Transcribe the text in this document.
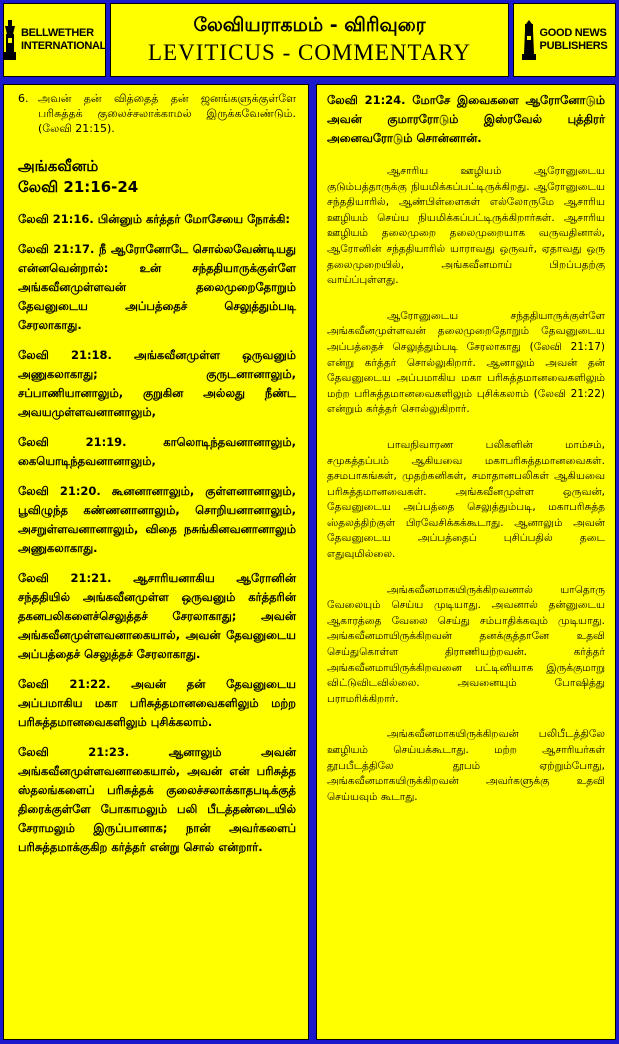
BELLWETHER
INTERNATIONAL
லேவியராகமம் - விரிவுரை
LEVITICUS - COMMENTARY
GOOD NEWS
PUBLISHERS
6. அவன் தன் வித்தைத் தன் ஜனங்களுக்குள்ளே பரிசுத்தக் குலைச்சலாக்காமல் இருக்கவேண்டும். (லேவி 21:15).
அங்கவீனம்
லேவி 21:16-24

லேவி 21:16. பின்னும் கர்த்தர் மோசேயை நோக்கி:

லேவி 21:17. நீ ஆரோனோடே சொல்லவேண்டியது என்னவென்றால்: உன் சந்ததியாருக்குள்ளே அங்கவீனமுள்ளவன் தலைமுறைதோறும் தேவனுடைய அப்பத்தைச் செலுத்தும்படி சேரலாகாது.

லேவி 21:18. அங்கவீனமுள்ள ஒருவனும் அணுகலாகாது; குருடனானாலும், சப்பாணியானாலும், குறுகின அல்லது நீண்ட அவயமுள்ளவனானாலும்,

லேவி 21:19. காலொடிந்தவனானாலும், கையொடிந்தவனானாலும்,

லேவி 21:20. கூனனானாலும், குள்ளனானாலும், பூவிழுந்த கண்ணனானாலும், சொறியனானாலும், அசறுள்ளவனானாலும், விதை நசுங்கினவனானாலும் அணுகலாகாது.

லேவி 21:21. ஆசாரியனாகிய ஆரோனின் சந்ததியில் அங்கவீனமுள்ள ஒருவனும் கர்த்தரின் தகனபலிகளைச்செலுத்தச் சேரலாகாது; அவன் அங்கவீனமுள்ளவனாகையால், அவன் தேவனுடைய அப்பத்தைச் செலுத்தச் சேரலாகாது.

லேவி 21:22. அவன் தன் தேவனுடைய அப்பமாகிய மகா பரிசுத்தமானவைகளிலும் மற்ற பரிசுத்தமானவைகளிலும் புசிக்கலாம்.

லேவி 21:23. ஆனாலும் அவன் அங்கவீனமுள்ளவனாகையால், அவன் என் பரிசுத்த ஸ்தலங்களைப் பரிசுத்தக் குலைச்சலாக்காதபடிக்குத் திரைக்குள்ளே போகாமலும் பலி பீடத்தண்டையில் சேராமலும் இருப்பானாக; நான் அவர்களைப் பரிசுத்தமாக்குகிற கர்த்தர் என்று சொல் என்றார்.

லேவி 21:24. மோசே இவைகளை ஆரோனோடும் அவன் குமாரரோடும் இஸ்ரவேல் புத்திரர் அனைவரோடும் சொன்னான்.

ஆசாரிய ஊழியம் ஆரோனுடைய குடும்பத்தாருக்கு நியமிக்கப்பட்டிருக்கிறது. ஆரோனுடைய சந்ததியாரில், ஆண்பிள்ளைகள் எல்லோருமே ஆசாரிய ஊழியம் செய்ய நியமிக்கப்பட்டிருக்கிறார்கள். ஆசாரிய ஊழியம் தலைமுறை தலைமுறையாக வருவதினால், ஆரோனின் சந்ததியாரில் யாராவது ஒருவர், ஏதாவது ஒரு தலைமுறையில், அங்கவீனமாய் பிறப்பதற்கு வாய்ப்புள்ளது.

ஆரோனுடைய சந்ததியாருக்குள்ளே அங்கவீனமுள்ளவன் தலைமுறைதோறும் தேவனுடைய அப்பத்தைச் செலுத்தும்படி சேரலாகாது (லேவி 21:17) என்று கர்த்தர் சொல்லுகிறார். ஆனாலும் அவன் தன் தேவனுடைய அப்பமாகிய மகா பரிசுத்தமானவைகளிலும் மற்ற பரிசுத்தமானவைகளிலும் புசிக்கலாம் (லேவி 21:22) என்றும் கர்த்தர் சொல்லுகிறார்.

பாவநிவாரண பலிகளின் மாம்சம், சமுகத்தப்பம் ஆகியவை மகாபரிசுத்தமானவைகள். தசமபாகங்கள், முதற்கனிகள், சமாதானபலிகள் ஆகியவை பரிசுத்தமானவைகள். அங்கவீனமுள்ள ஒருவன், தேவனுடைய அப்பத்தை செலுத்தும்படி, மகாபரிசுத்த ஸ்தலத்திற்குள் பிரவேசிக்கக்கூடாது. ஆனாலும் அவன் தேவனுடைய அப்பத்தைப் புசிப்பதில் தடை எதுவுமில்லை.

அங்கவீனமாகயிருக்கிறவனால் யாதொரு வேலையும் செய்ய முடியாது. அவனால் தன்னுடைய ஆகாரத்தை வேலை செய்து சம்பாதிக்கவும் முடியாது. அங்கவீனமாயிருக்கிறவன் தனக்குத்தானே உதவி செய்துகொள்ள திராணியற்றவன். கர்த்தர் அங்கவீனமாயிருக்கிறவனை பட்டினியாக இருக்குமாறு விட்டுவிடவில்லை. அவனையும் போஷித்து பராமரிக்கிறார்.

அங்கவீனமாகயிருக்கிறவன் பலிபீடத்திலே ஊழியம் செய்யக்கூடாது. மற்ற ஆசாரியர்கள் தூபபீடத்திலே தூபம் ஏற்றும்போது, அங்கவீனமாகயிருக்கிறவன் அவர்களுக்கு உதவி செய்யவும் கூடாது.
